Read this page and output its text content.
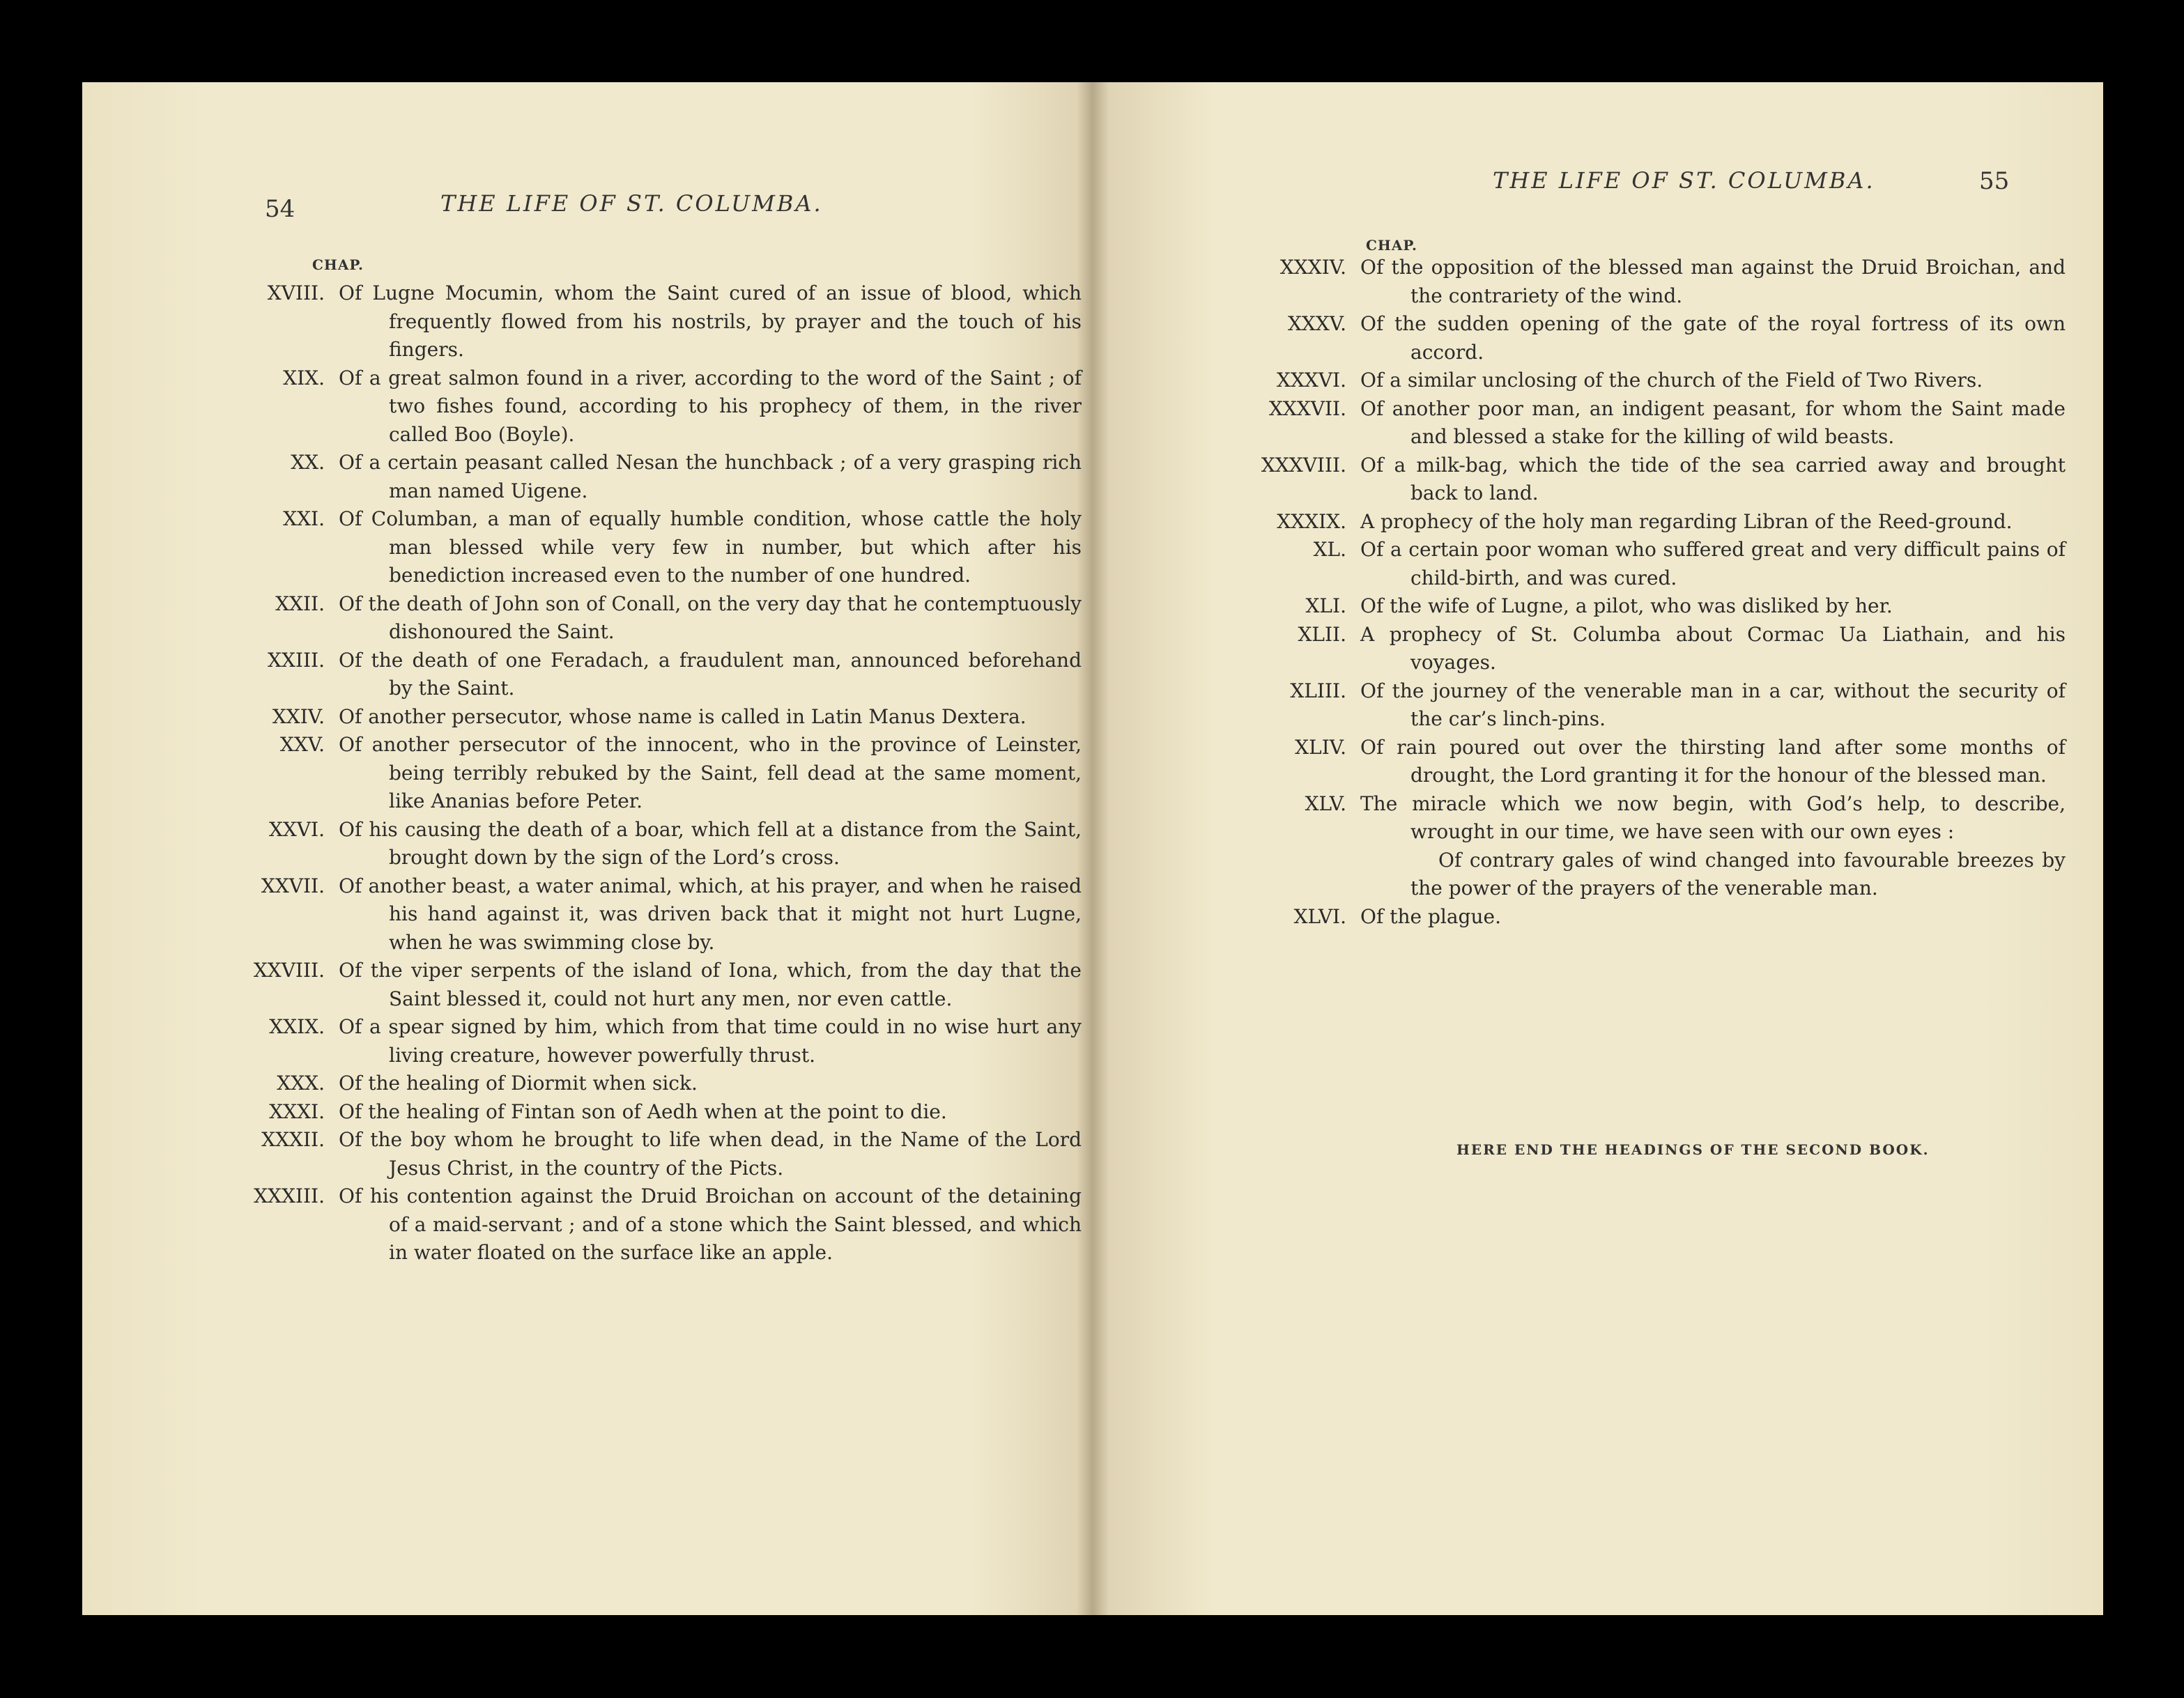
54	THE LIFE OF ST. COLUMBA.
CHAP.

XVIII. Of Lugne Mocumin, whom the Saint cured of an issue of blood, which frequently flowed from his nostrils, by prayer and the touch of his fingers.

XIX. Of a great salmon found in a river, according to the word of the Saint ; of two fishes found, according to his prophecy of them, in the river called Boo (Boyle).

XX. Of a certain peasant called Nesan the hunchback ; of a very grasping rich man named Uigene.

XXI. Of Columban, a man of equally humble condition, whose cattle the holy man blessed while very few in number, but which after his benediction increased even to the number of one hundred.

XXII. Of the death of John son of Conall, on the very day that he contemptuously dishonoured the Saint.

XXIII. Of the death of one Feradach, a fraudulent man, announced beforehand by the Saint.

XXIV. Of another persecutor, whose name is called in Latin Manus Dextera.

XXV. Of another persecutor of the innocent, who in the province of Leinster, being terribly rebuked by the Saint, fell dead at the same moment, like Ananias before Peter.

XXVI. Of his causing the death of a boar, which fell at a distance from the Saint, brought down by the sign of the Lord’s cross.

XXVII. Of another beast, a water animal, which, at his prayer, and when he raised his hand against it, was driven back that it might not hurt Lugne, when he was swimming close by.

XXVIII. Of the viper serpents of the island of Iona, which, from the day that the Saint blessed it, could not hurt any men, nor even cattle.

XXIX. Of a spear signed by him, which from that time could in no wise hurt any living creature, however powerfully thrust.

XXX. Of the healing of Diormit when sick.

XXXI. Of the healing of Fintan son of Aedh when at the point to die.

XXXII. Of the boy whom he brought to life when dead, in the Name of the Lord Jesus Christ, in the country of the Picts.

XXXIII. Of his contention against the Druid Broichan on account of the detaining of a maid-servant ; and of a stone which the Saint blessed, and which in water floated on the surface like an apple.

THE LIFE OF ST. COLUMBA.	55
CHAP.

XXXIV. Of the opposition of the blessed man against the Druid Broichan, and the contrariety of the wind.

XXXV. Of the sudden opening of the gate of the royal fortress of its own accord.

XXXVI. Of a similar unclosing of the church of the Field of Two Rivers.

XXXVII. Of another poor man, an indigent peasant, for whom the Saint made and blessed a stake for the killing of wild beasts.

XXXVIII. Of a milk-bag, which the tide of the sea carried away and brought back to land.

XXXIX. A prophecy of the holy man regarding Libran of the Reed-ground.

XL. Of a certain poor woman who suffered great and very difficult pains of child-birth, and was cured.

XLI. Of the wife of Lugne, a pilot, who was disliked by her.

XLII. A prophecy of St. Columba about Cormac Ua Liathain, and his voyages.

XLIII. Of the journey of the venerable man in a car, without the security of the car’s linch-pins.

XLIV. Of rain poured out over the thirsting land after some months of drought, the Lord granting it for the honour of the blessed man.

XLV. The miracle which we now begin, with God’s help, to describe, wrought in our time, we have seen with our own eyes :

Of contrary gales of wind changed into favourable breezes by the power of the prayers of the venerable man.

XLVI. Of the plague.

HERE END THE HEADINGS OF THE SECOND BOOK.
